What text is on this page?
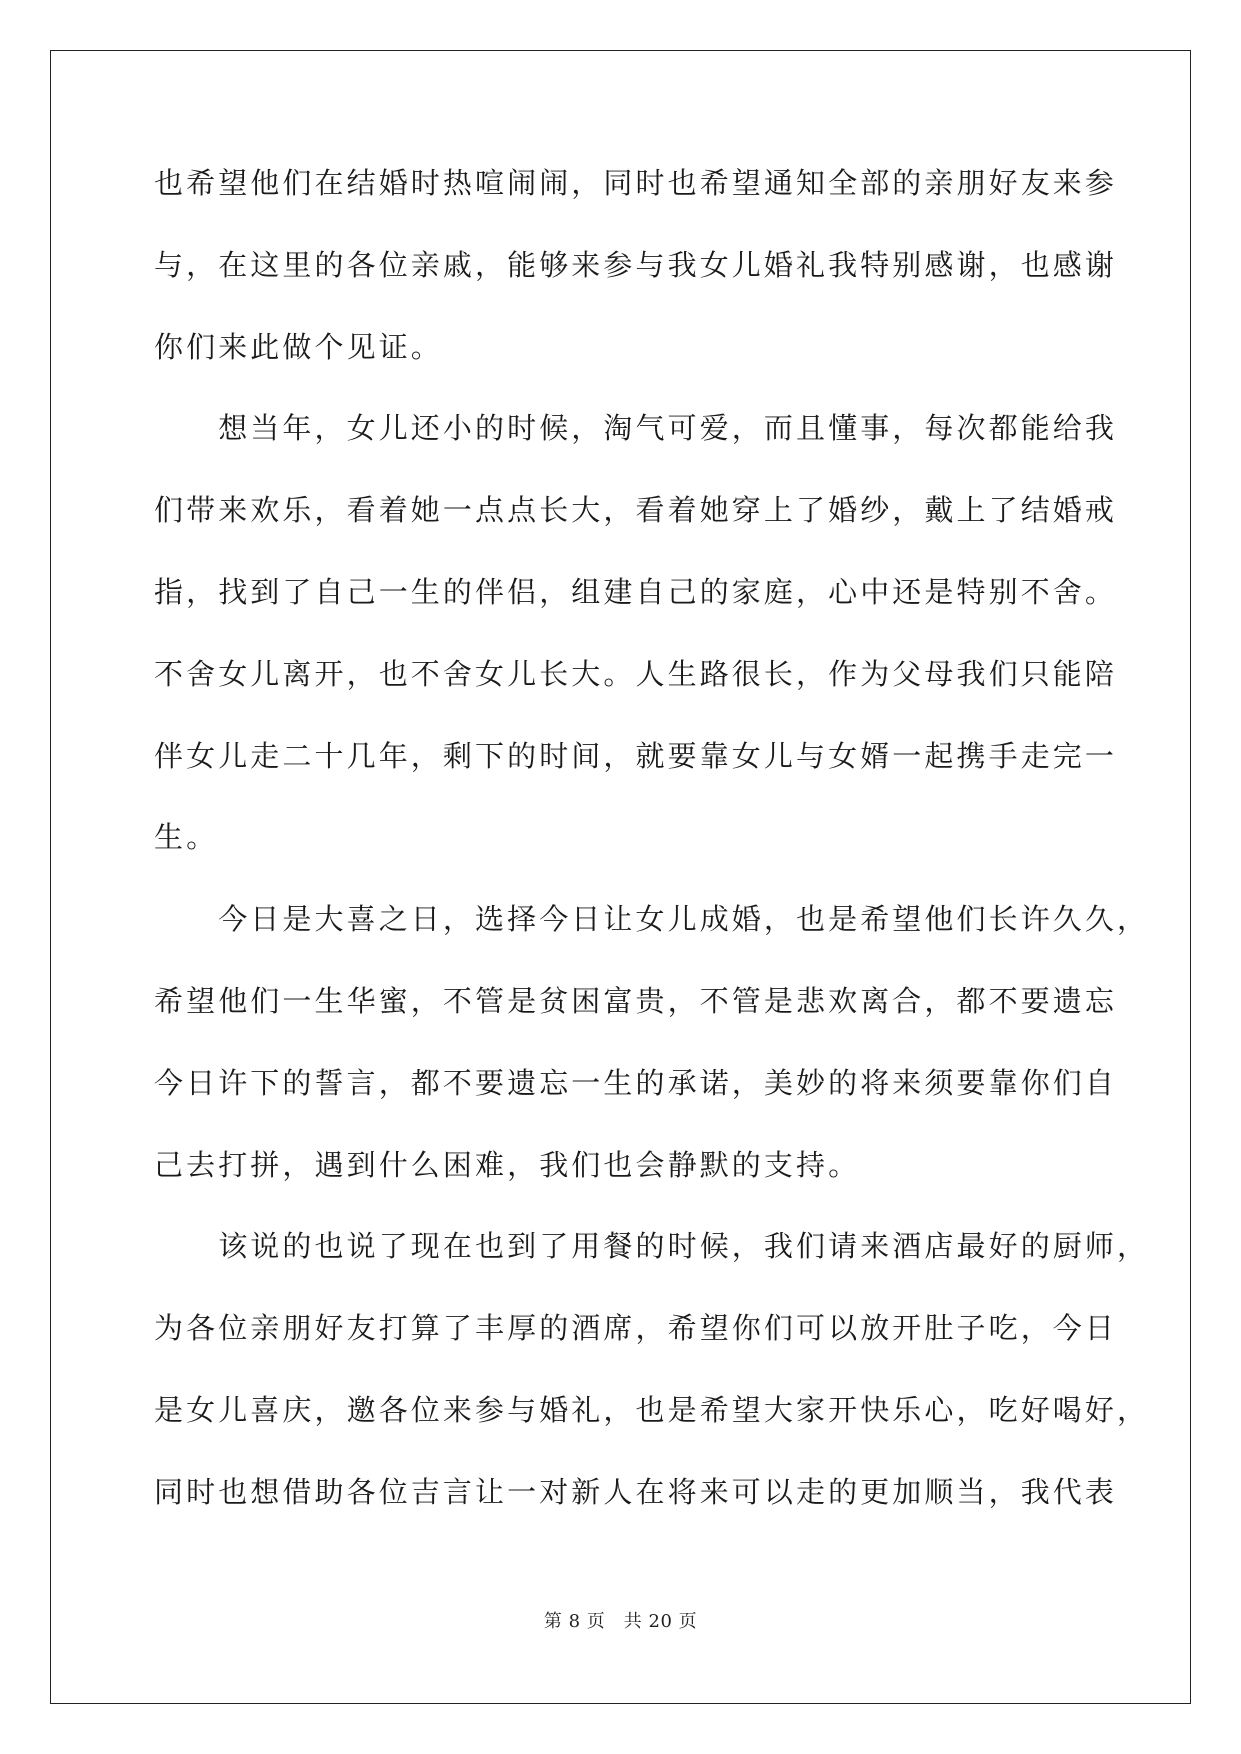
也希望他们在结婚时热喧闹闹，同时也希望通知全部的亲朋好友来参
与，在这里的各位亲戚，能够来参与我女儿婚礼我特别感谢，也感谢
你们来此做个见证。
　　想当年，女儿还小的时候，淘气可爱，而且懂事，每次都能给我
们带来欢乐，看着她一点点长大，看着她穿上了婚纱，戴上了结婚戒
指，找到了自己一生的伴侣，组建自己的家庭，心中还是特别不舍。
不舍女儿离开，也不舍女儿长大。人生路很长，作为父母我们只能陪
伴女儿走二十几年，剩下的时间，就要靠女儿与女婿一起携手走完一
生。
　　今日是大喜之日，选择今日让女儿成婚，也是希望他们长许久久，
希望他们一生华蜜，不管是贫困富贵，不管是悲欢离合，都不要遗忘
今日许下的誓言，都不要遗忘一生的承诺，美妙的将来须要靠你们自
己去打拼，遇到什么困难，我们也会静默的支持。
　　该说的也说了现在也到了用餐的时候，我们请来酒店最好的厨师，
为各位亲朋好友打算了丰厚的酒席，希望你们可以放开肚子吃，今日
是女儿喜庆，邀各位来参与婚礼，也是希望大家开快乐心，吃好喝好，
同时也想借助各位吉言让一对新人在将来可以走的更加顺当，我代表
第 8 页　共 20 页
